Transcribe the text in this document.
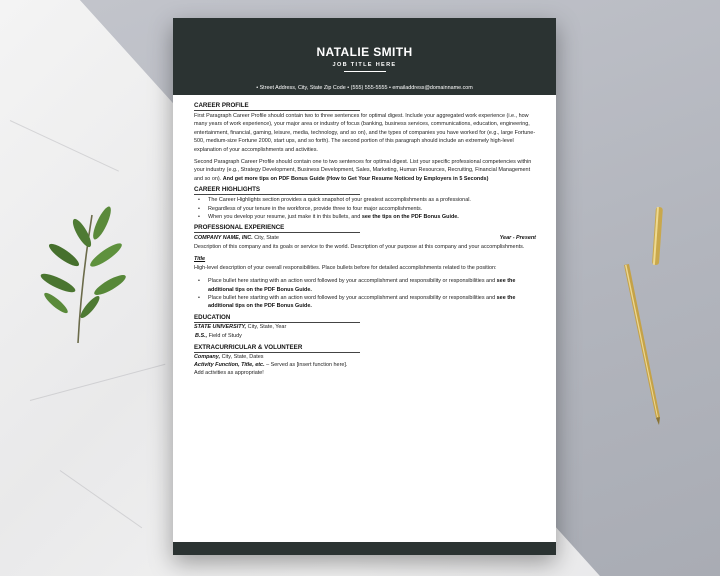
NATALIE SMITH
JOB TITLE HERE
• Street Address, City, State Zip Code • (555) 555-5555 • emailaddress@domainname.com
CAREER PROFILE
First Paragraph Career Profile should contain two to three sentences for optimal digest. Include your aggregated work experience (i.e., how many years of work experience), your major area or industry of focus (banking, business services, communications, education, engineering, entertainment, financial, gaming, leisure, media, technology, and so on), and the types of companies you have worked for (e.g., large Fortune-500, medium-size Fortune 2000, start ups, and so forth). The second portion of this paragraph should include an extremely high-level explanation of your accomplishments and activities.
Second Paragraph Career Profile should contain one to two sentences for optimal digest. List your specific professional competencies within your industry (e.g., Strategy Development, Business Development, Sales, Marketing, Human Resources, Recruiting, Financial Management and so on). And get more tips on PDF Bonus Guide (How to Get Your Resume Noticed by Employers in 5 Seconds)
CAREER HIGHLIGHTS
• The Career Highlights section provides a quick snapshot of your greatest accomplishments as a professional.
• Regardless of your tenure in the workforce, provide three to four major accomplishments.
• When you develop your resume, just make it in this bullets, and see the tips on the PDF Bonus Guide.
PROFESSIONAL EXPERIENCE
COMPANY NAME, INC. City, State	Year - Present
Description of this company and its goals or service to the world. Description of your purpose at this company and your accomplishments.
Title
High-level description of your overall responsibilities. Place bullets before for detailed accomplishments related to the position:
• Place bullet here starting with an action word followed by your accomplishment and responsibility or responsibilities and see the additional tips on the PDF Bonus Guide.
• Place bullet here starting with an action word followed by your accomplishment and responsibility or responsibilities and see the additional tips on the PDF Bonus Guide.
EDUCATION
STATE UNIVERSITY, City, State, Year
B.S., Field of Study
EXTRACURRICULAR & VOLUNTEER
Company, City, State, Dates
Activity Function, Title, etc. – Served as [insert function here].
Add activities as appropriate!
